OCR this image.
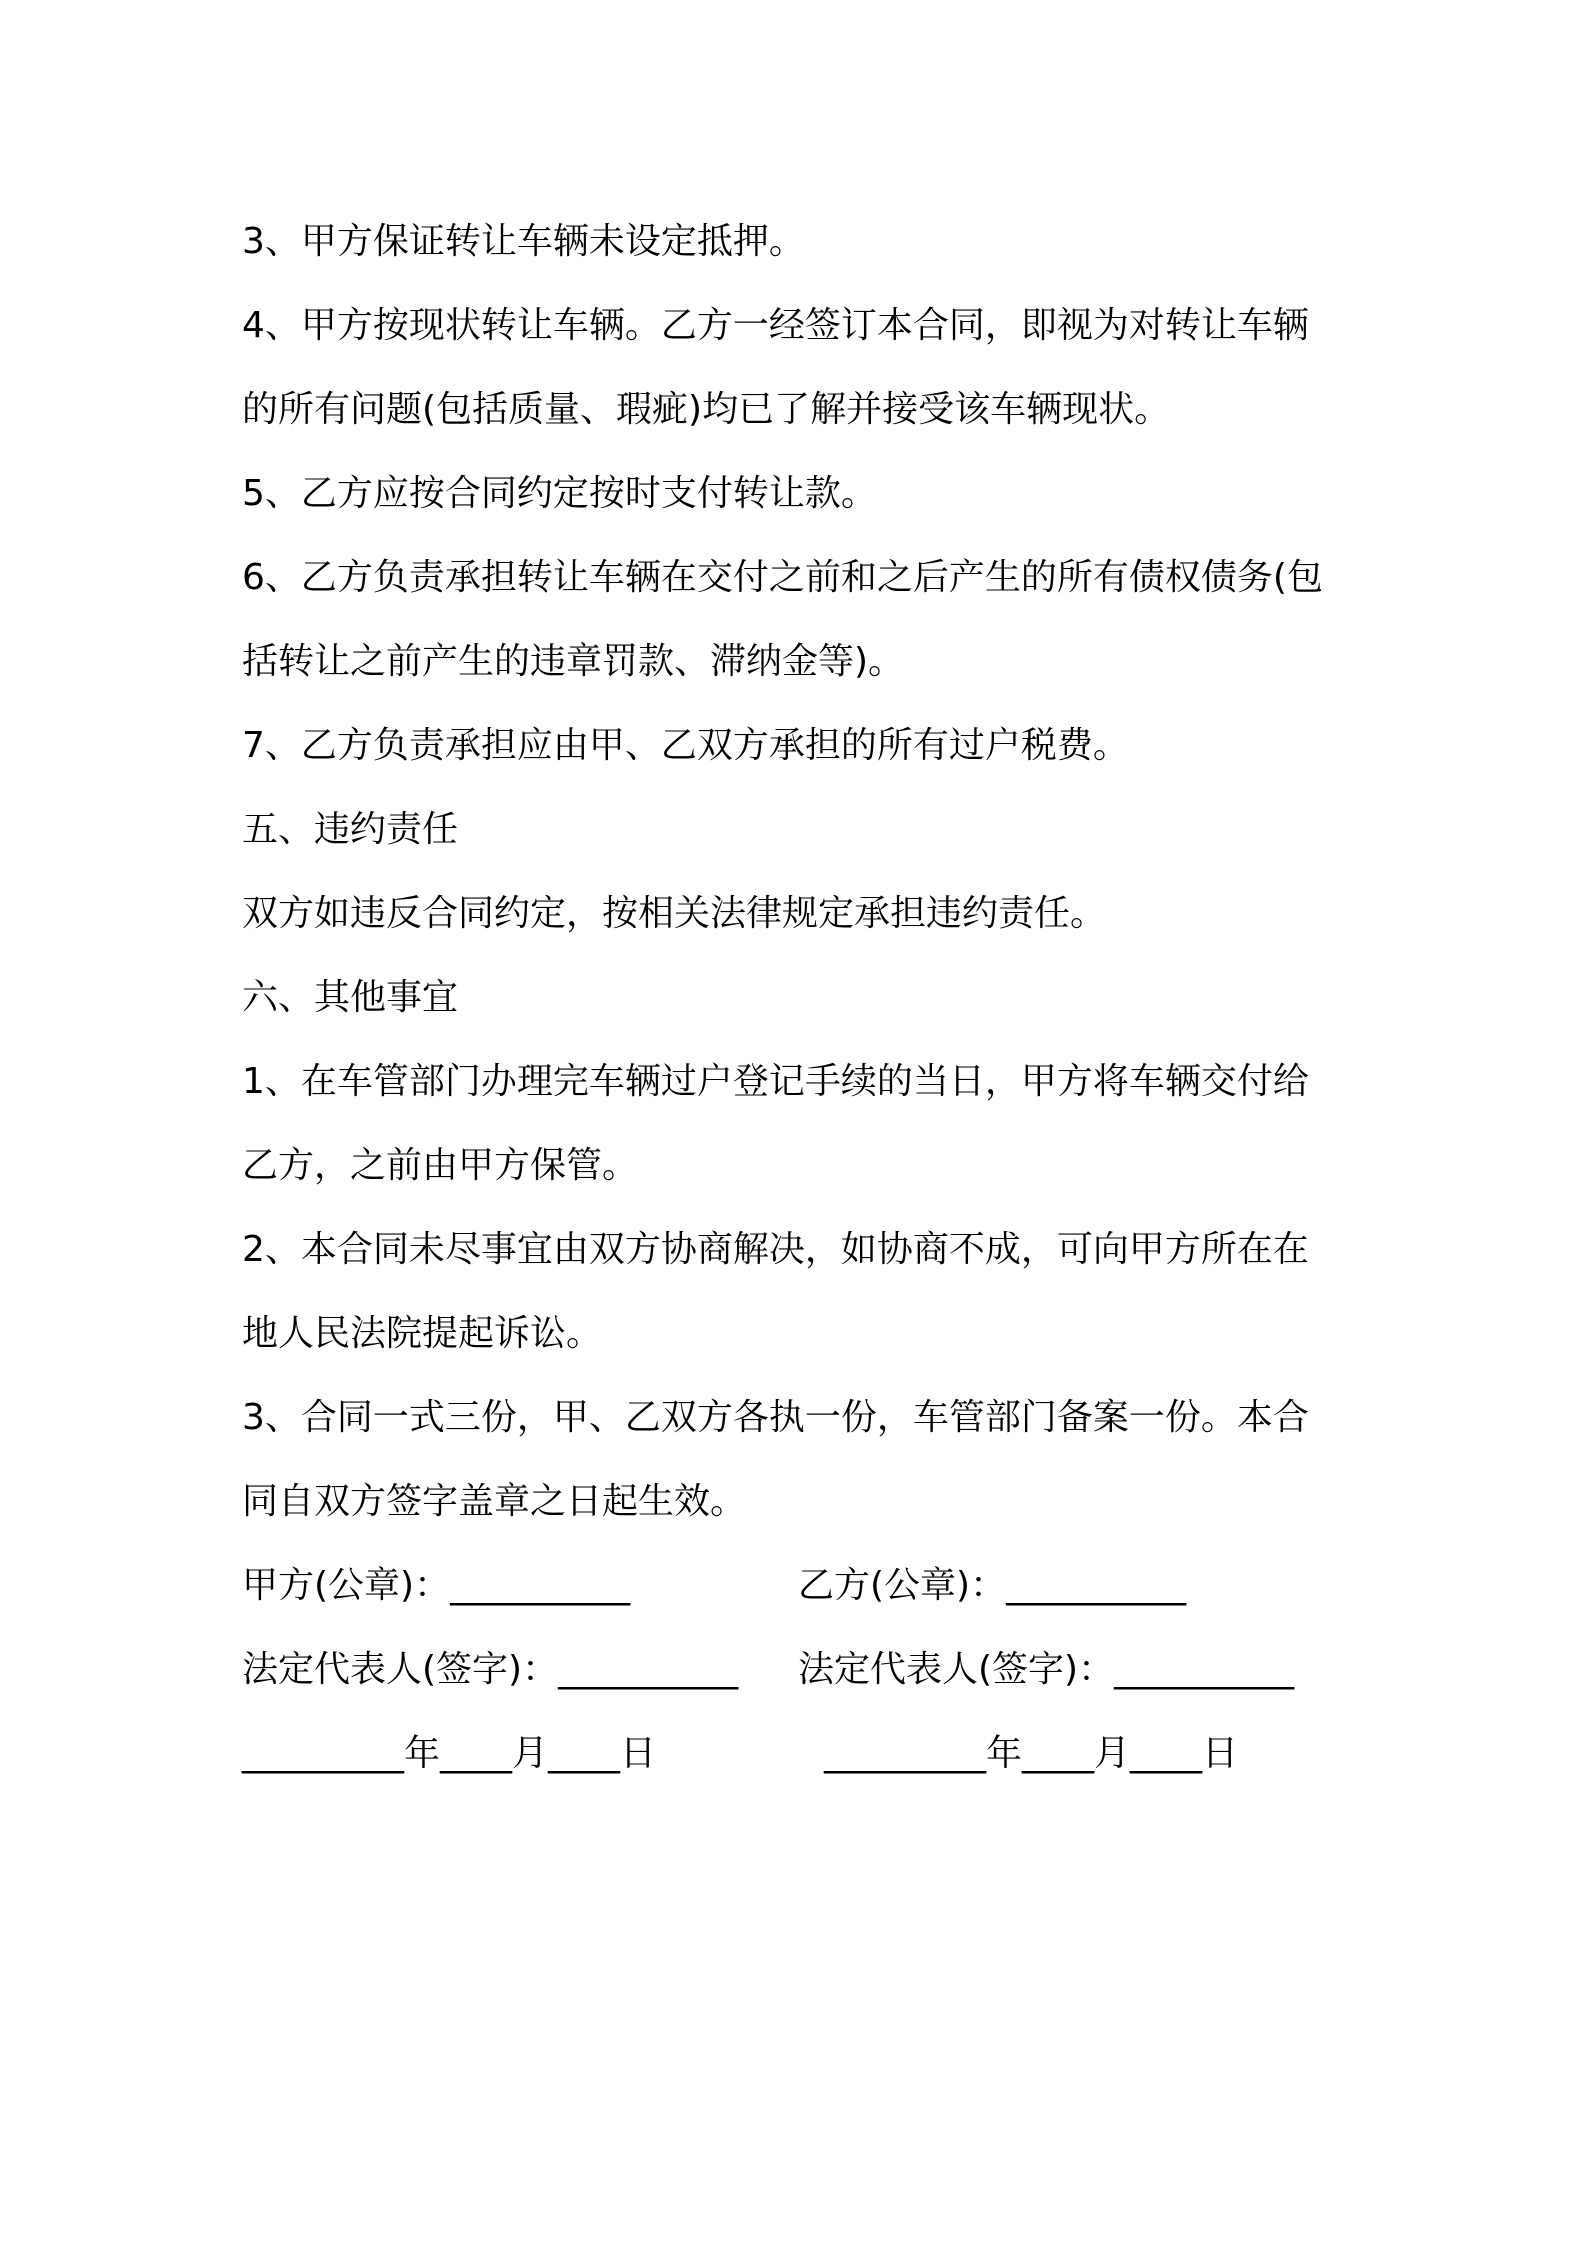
3、甲方保证转让车辆未设定抵押。
4、甲方按现状转让车辆。乙方一经签订本合同，即视为对转让车辆
的所有问题(包括质量、瑕疵)均已了解并接受该车辆现状。
5、乙方应按合同约定按时支付转让款。
6、乙方负责承担转让车辆在交付之前和之后产生的所有债权债务(包
括转让之前产生的违章罚款、滞纳金等)。
7、乙方负责承担应由甲、乙双方承担的所有过户税费。
五、违约责任
双方如违反合同约定，按相关法律规定承担违约责任。
六、其他事宜
1、在车管部门办理完车辆过户登记手续的当日，甲方将车辆交付给
乙方，之前由甲方保管。
2、本合同未尽事宜由双方协商解决，如协商不成，可向甲方所在在
地人民法院提起诉讼。
3、合同一式三份，甲、乙双方各执一份，车管部门备案一份。本合
同自双方签字盖章之日起生效。
甲方(公章)：__________	乙方(公章)：__________
法定代表人(签字)：__________ 法定代表人(签字)：__________
_________年____月____日	_________年____月____日
